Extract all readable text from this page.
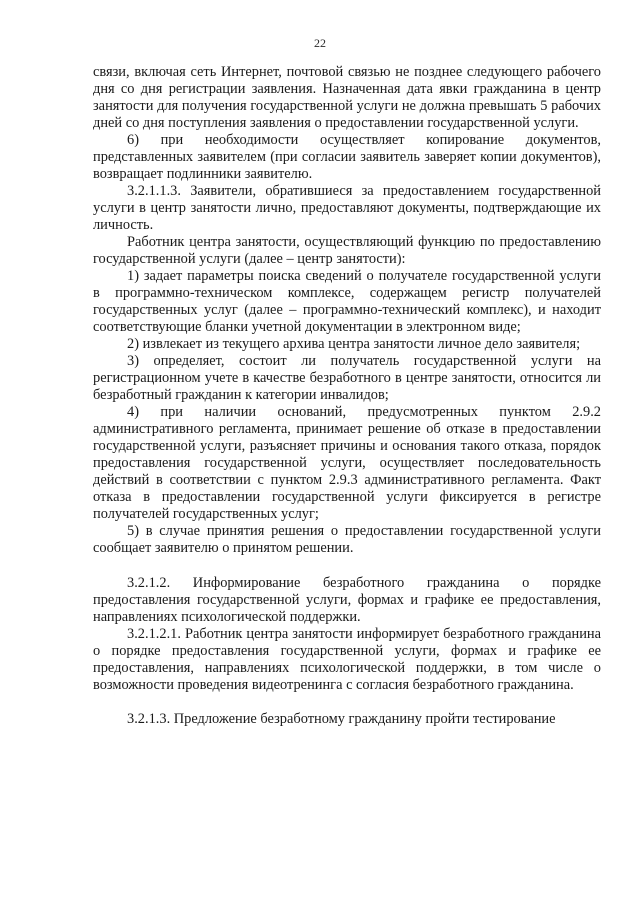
22

связи, включая сеть Интернет, почтовой связью не позднее следующего рабочего дня со дня регистрации заявления. Назначенная дата явки гражданина в центр занятости для получения государственной услуги не должна превышать 5 рабочих дней со дня поступления заявления о предоставлении государственной услуги.

6) при необходимости осуществляет копирование документов, представленных заявителем (при согласии заявитель заверяет копии документов), возвращает подлинники заявителю.

3.2.1.1.3. Заявители, обратившиеся за предоставлением государственной услуги в центр занятости лично, предоставляют документы, подтверждающие их личность.

Работник центра занятости, осуществляющий функцию по предоставлению государственной услуги (далее – центр занятости):

1) задает параметры поиска сведений о получателе государственной услуги в программно-техническом комплексе, содержащем регистр получателей государственных услуг (далее – программно-технический комплекс), и находит соответствующие бланки учетной документации в электронном виде;

2) извлекает из текущего архива центра занятости личное дело заявителя;

3) определяет, состоит ли получатель государственной услуги на регистрационном учете в качестве безработного в центре занятости, относится ли безработный гражданин к категории инвалидов;

4) при наличии оснований, предусмотренных пунктом 2.9.2 административного регламента, принимает решение об отказе в предоставлении государственной услуги, разъясняет причины и основания такого отказа, порядок предоставления государственной услуги, осуществляет последовательность действий в соответствии с пунктом 2.9.3 административного регламента. Факт отказа в предоставлении государственной услуги фиксируется в регистре получателей государственных услуг;

5) в случае принятия решения о предоставлении государственной услуги сообщает заявителю о принятом решении.

3.2.1.2. Информирование безработного гражданина о порядке предоставления государственной услуги, формах и графике ее предоставления, направлениях психологической поддержки.

3.2.1.2.1. Работник центра занятости информирует безработного гражданина о порядке предоставления государственной услуги, формах и графике ее предоставления, направлениях психологической поддержки, в том числе о возможности проведения видеотренинга с согласия безработного гражданина.

3.2.1.3. Предложение безработному гражданину пройти тестирование
